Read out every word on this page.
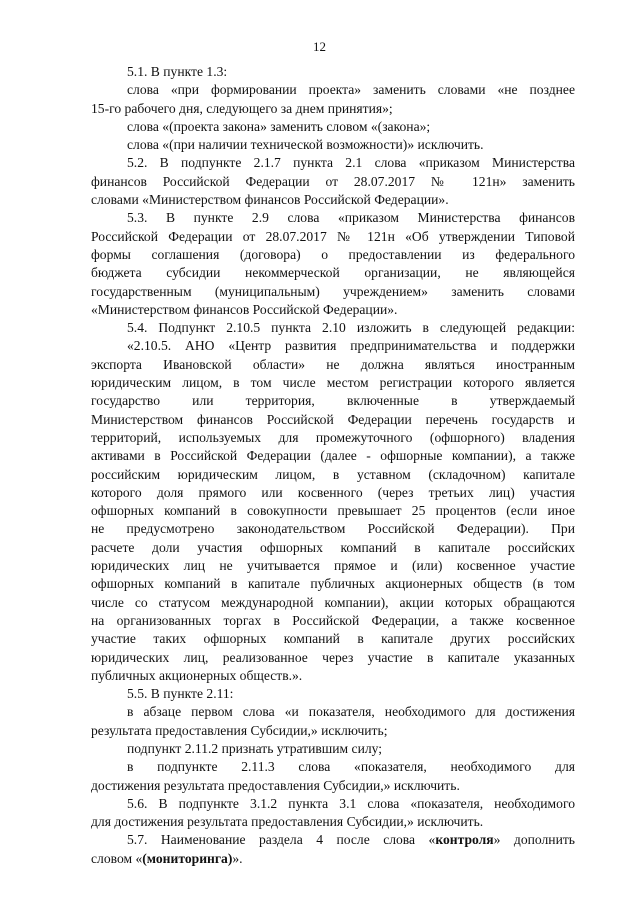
12
5.1. В пункте 1.3:
слова «при формировании проекта» заменить словами «не позднее
15-го рабочего дня, следующего за днем принятия»;
слова «(проекта закона» заменить словом «(закона»;
слова «(при наличии технической возможности)» исключить.
5.2. В подпункте 2.1.7 пункта 2.1 слова «приказом Министерства
финансов Российской Федерации от 28.07.2017 № 121н» заменить
словами «Министерством финансов Российской Федерации».
5.3. В пункте 2.9 слова «приказом Министерства финансов
Российской Федерации от 28.07.2017 № 121н «Об утверждении Типовой
формы соглашения (договора) о предоставлении из федерального
бюджета субсидии некоммерческой организации, не являющейся
государственным (муниципальным) учреждением» заменить словами
«Министерством финансов Российской Федерации».
5.4. Подпункт 2.10.5 пункта 2.10 изложить в следующей редакции:
«2.10.5. АНО «Центр развития предпринимательства и поддержки
экспорта Ивановской области» не должна являться иностранным
юридическим лицом, в том числе местом регистрации которого является
государство или территория, включенные в утверждаемый
Министерством финансов Российской Федерации перечень государств и
территорий, используемых для промежуточного (офшорного) владения
активами в Российской Федерации (далее - офшорные компании), а также
российским юридическим лицом, в уставном (складочном) капитале
которого доля прямого или косвенного (через третьих лиц) участия
офшорных компаний в совокупности превышает 25 процентов (если иное
не предусмотрено законодательством Российской Федерации). При
расчете доли участия офшорных компаний в капитале российских
юридических лиц не учитывается прямое и (или) косвенное участие
офшорных компаний в капитале публичных акционерных обществ (в том
числе со статусом международной компании), акции которых обращаются
на организованных торгах в Российской Федерации, а также косвенное
участие таких офшорных компаний в капитале других российских
юридических лиц, реализованное через участие в капитале указанных
публичных акционерных обществ.».
5.5. В пункте 2.11:
в абзаце первом слова «и показателя, необходимого для достижения
результата предоставления Субсидии,» исключить;
подпункт 2.11.2 признать утратившим силу;
в подпункте 2.11.3 слова «показателя, необходимого для
достижения результата предоставления Субсидии,» исключить.
5.6. В подпункте 3.1.2 пункта 3.1 слова «показателя, необходимого
для достижения результата предоставления Субсидии,» исключить.
5.7. Наименование раздела 4 после слова «контроля» дополнить
словом «(мониторинга)».
